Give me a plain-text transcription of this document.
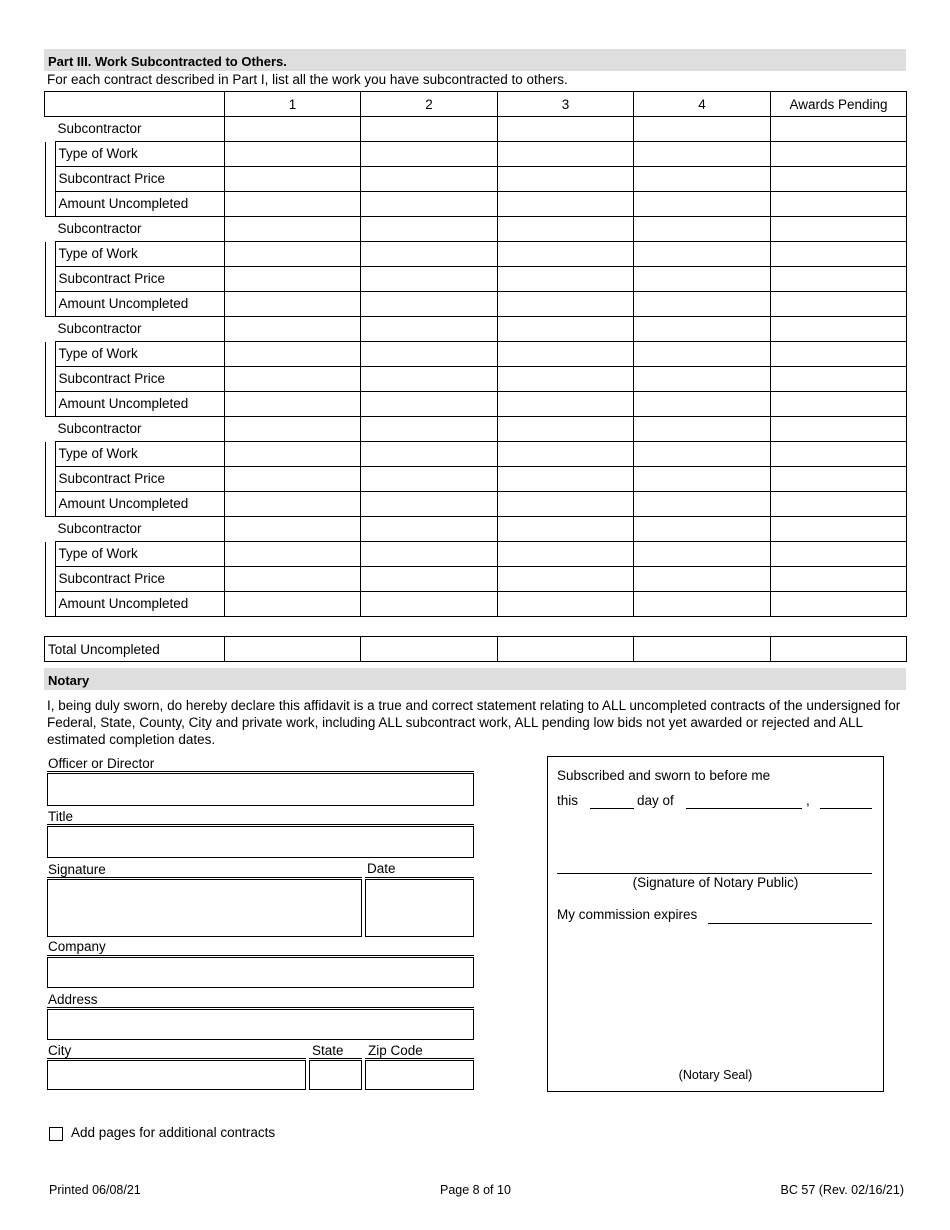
Part III. Work Subcontracted to Others.
For each contract described in Part I, list all the work you have subcontracted to others.
	1	2	3	4	Awards Pending

Subcontractor					

Type of Work					

Subcontract Price					

Amount Uncompleted					

Subcontractor					

Type of Work					

Subcontract Price					

Amount Uncompleted					

Subcontractor					

Type of Work					

Subcontract Price					

Amount Uncompleted					

Subcontractor					

Type of Work					

Subcontract Price					

Amount Uncompleted					

Subcontractor					

Type of Work					

Subcontract Price					

Amount Uncompleted					

Total Uncompleted					
Notary
I, being duly sworn, do hereby declare this affidavit is a true and correct statement relating to ALL uncompleted contracts of the undersigned for Federal, State, County, City and private work, including ALL subcontract work, ALL pending low bids not yet awarded or rejected and ALL estimated completion dates.
Officer or Director
Title
Signature	Date
Company
Address
City	State Zip Code
Subscribed and sworn to before me
this	day of	,
(Signature of Notary Public)
My commission expires
(Notary Seal)
Add pages for additional contracts
Printed 06/08/21	Page 8 of 10	BC 57 (Rev. 02/16/21)
